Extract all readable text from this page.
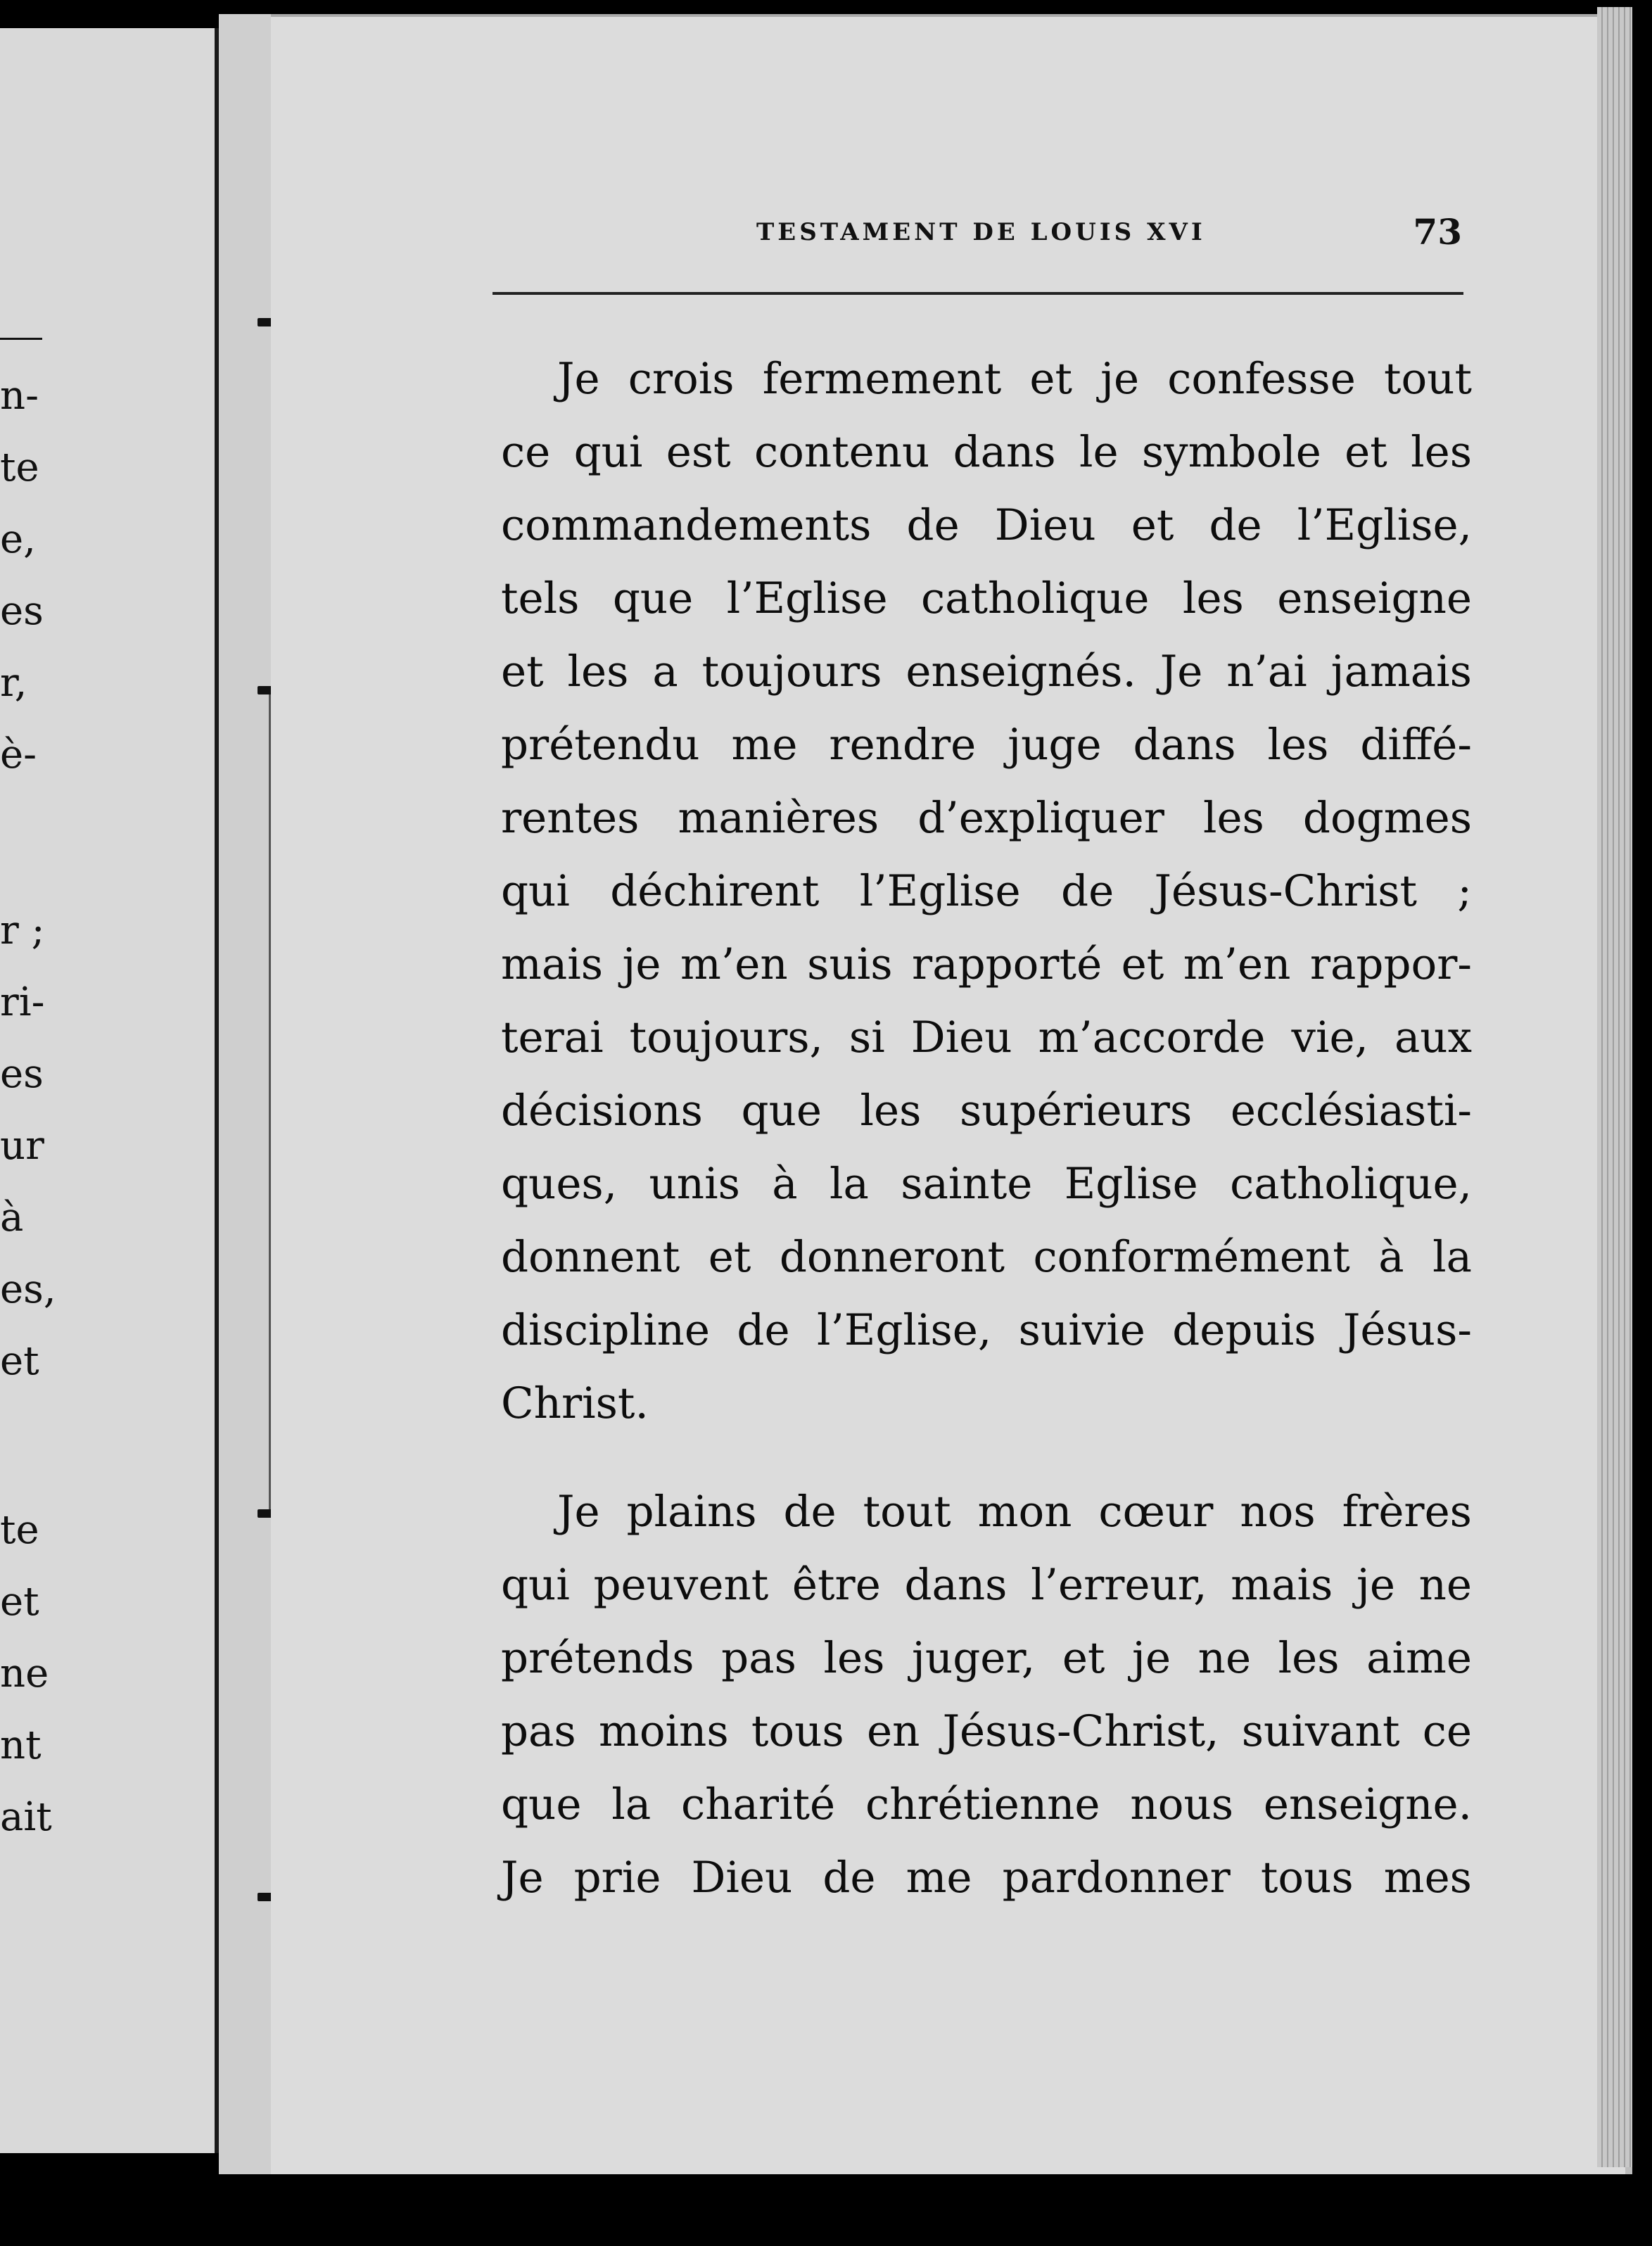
n-
te
e,
es
r,
è-
r ;
ri-
es
ur
à
es,
et
te
et
ne
nt
ait
TESTAMENT DE LOUIS XVI	73
Je crois fermement et je confesse tout
ce qui est contenu dans le symbole et les
commandements de Dieu et de l’Eglise,
tels que l’Eglise catholique les enseigne
et les a toujours enseignés. Je n’ai jamais
prétendu me rendre juge dans les diffé-
rentes manières d’expliquer les dogmes
qui déchirent l’Eglise de Jésus-Christ ;
mais je m’en suis rapporté et m’en rappor-
terai toujours, si Dieu m’accorde vie, aux
décisions que les supérieurs ecclésiasti-
ques, unis à la sainte Eglise catholique,
donnent et donneront conformément à la
discipline de l’Eglise, suivie depuis Jésus-
Christ.
Je plains de tout mon cœur nos frères
qui peuvent être dans l’erreur, mais je ne
prétends pas les juger, et je ne les aime
pas moins tous en Jésus-Christ, suivant ce
que la charité chrétienne nous enseigne.
Je prie Dieu de me pardonner tous mes
